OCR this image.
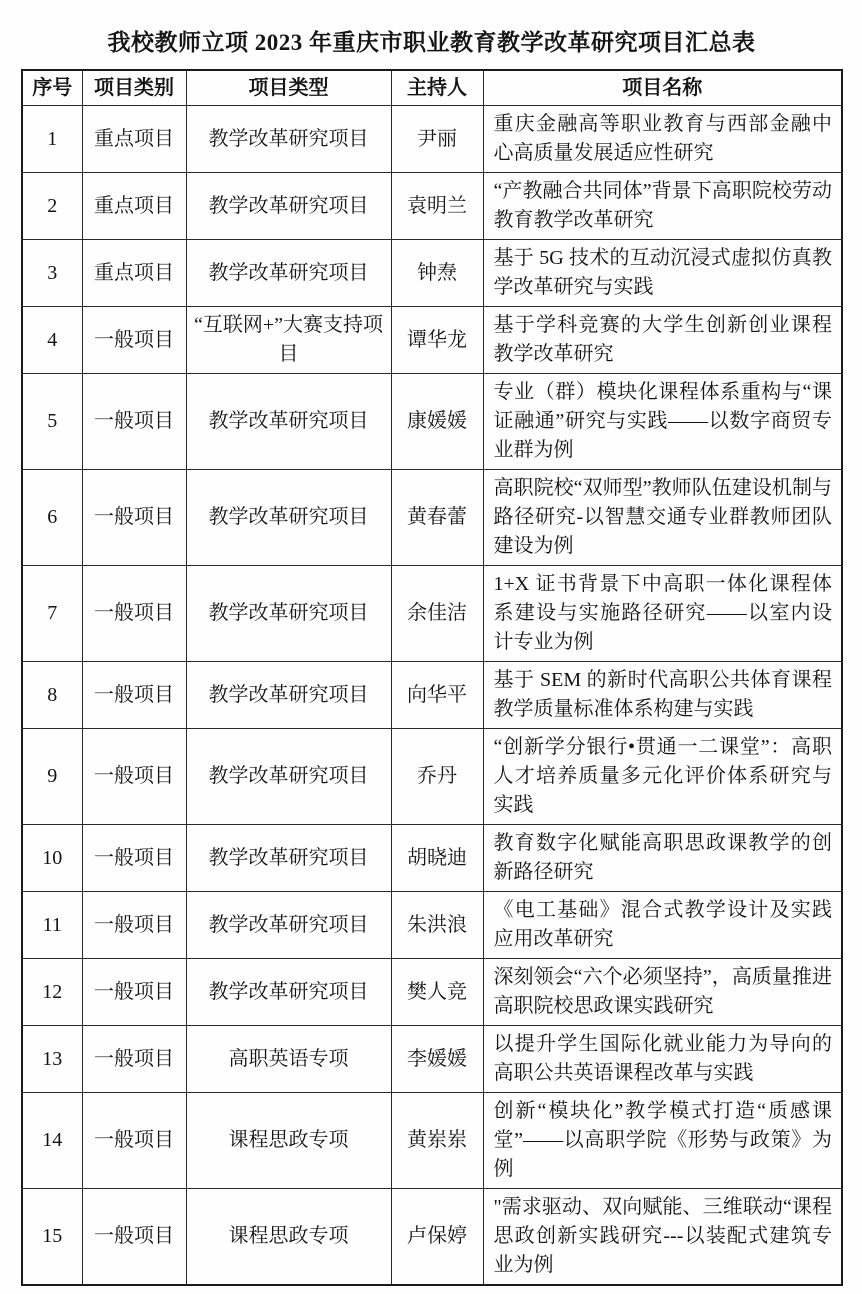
我校教师立项 2023 年重庆市职业教育教学改革研究项目汇总表
序号	项目类别	项目类型	主持人	项目名称
1	重点项目	教学改革研究项目	尹丽	重庆金融高等职业教育与西部金融中心高质量发展适应性研究
2	重点项目	教学改革研究项目	袁明兰	“产教融合共同体”背景下高职院校劳动教育教学改革研究
3	重点项目	教学改革研究项目	钟焘	基于 5G 技术的互动沉浸式虚拟仿真教学改革研究与实践
4	一般项目	“互联网+”大赛支持项目	谭华龙	基于学科竞赛的大学生创新创业课程教学改革研究
5	一般项目	教学改革研究项目	康媛媛	专业（群）模块化课程体系重构与“课证融通”研究与实践——以数字商贸专业群为例
6	一般项目	教学改革研究项目	黄春蕾	高职院校“双师型”教师队伍建设机制与路径研究-以智慧交通专业群教师团队建设为例
7	一般项目	教学改革研究项目	余佳洁	1+X 证书背景下中高职一体化课程体系建设与实施路径研究——以室内设计专业为例
8	一般项目	教学改革研究项目	向华平	基于 SEM 的新时代高职公共体育课程教学质量标准体系构建与实践
9	一般项目	教学改革研究项目	乔丹	“创新学分银行•贯通一二课堂”：高职人才培养质量多元化评价体系研究与实践
10	一般项目	教学改革研究项目	胡晓迪	教育数字化赋能高职思政课教学的创新路径研究
11	一般项目	教学改革研究项目	朱洪浪	《电工基础》混合式教学设计及实践应用改革研究
12	一般项目	教学改革研究项目	樊人竞	深刻领会“六个必须坚持”，高质量推进高职院校思政课实践研究
13	一般项目	高职英语专项	李媛媛	以提升学生国际化就业能力为导向的高职公共英语课程改革与实践
14	一般项目	课程思政专项	黄岽岽	创新“模块化”教学模式打造“质感课堂”——以高职学院《形势与政策》为例
15	一般项目	课程思政专项	卢保婷	"需求驱动、双向赋能、三维联动“课程思政创新实践研究---以装配式建筑专业为例
